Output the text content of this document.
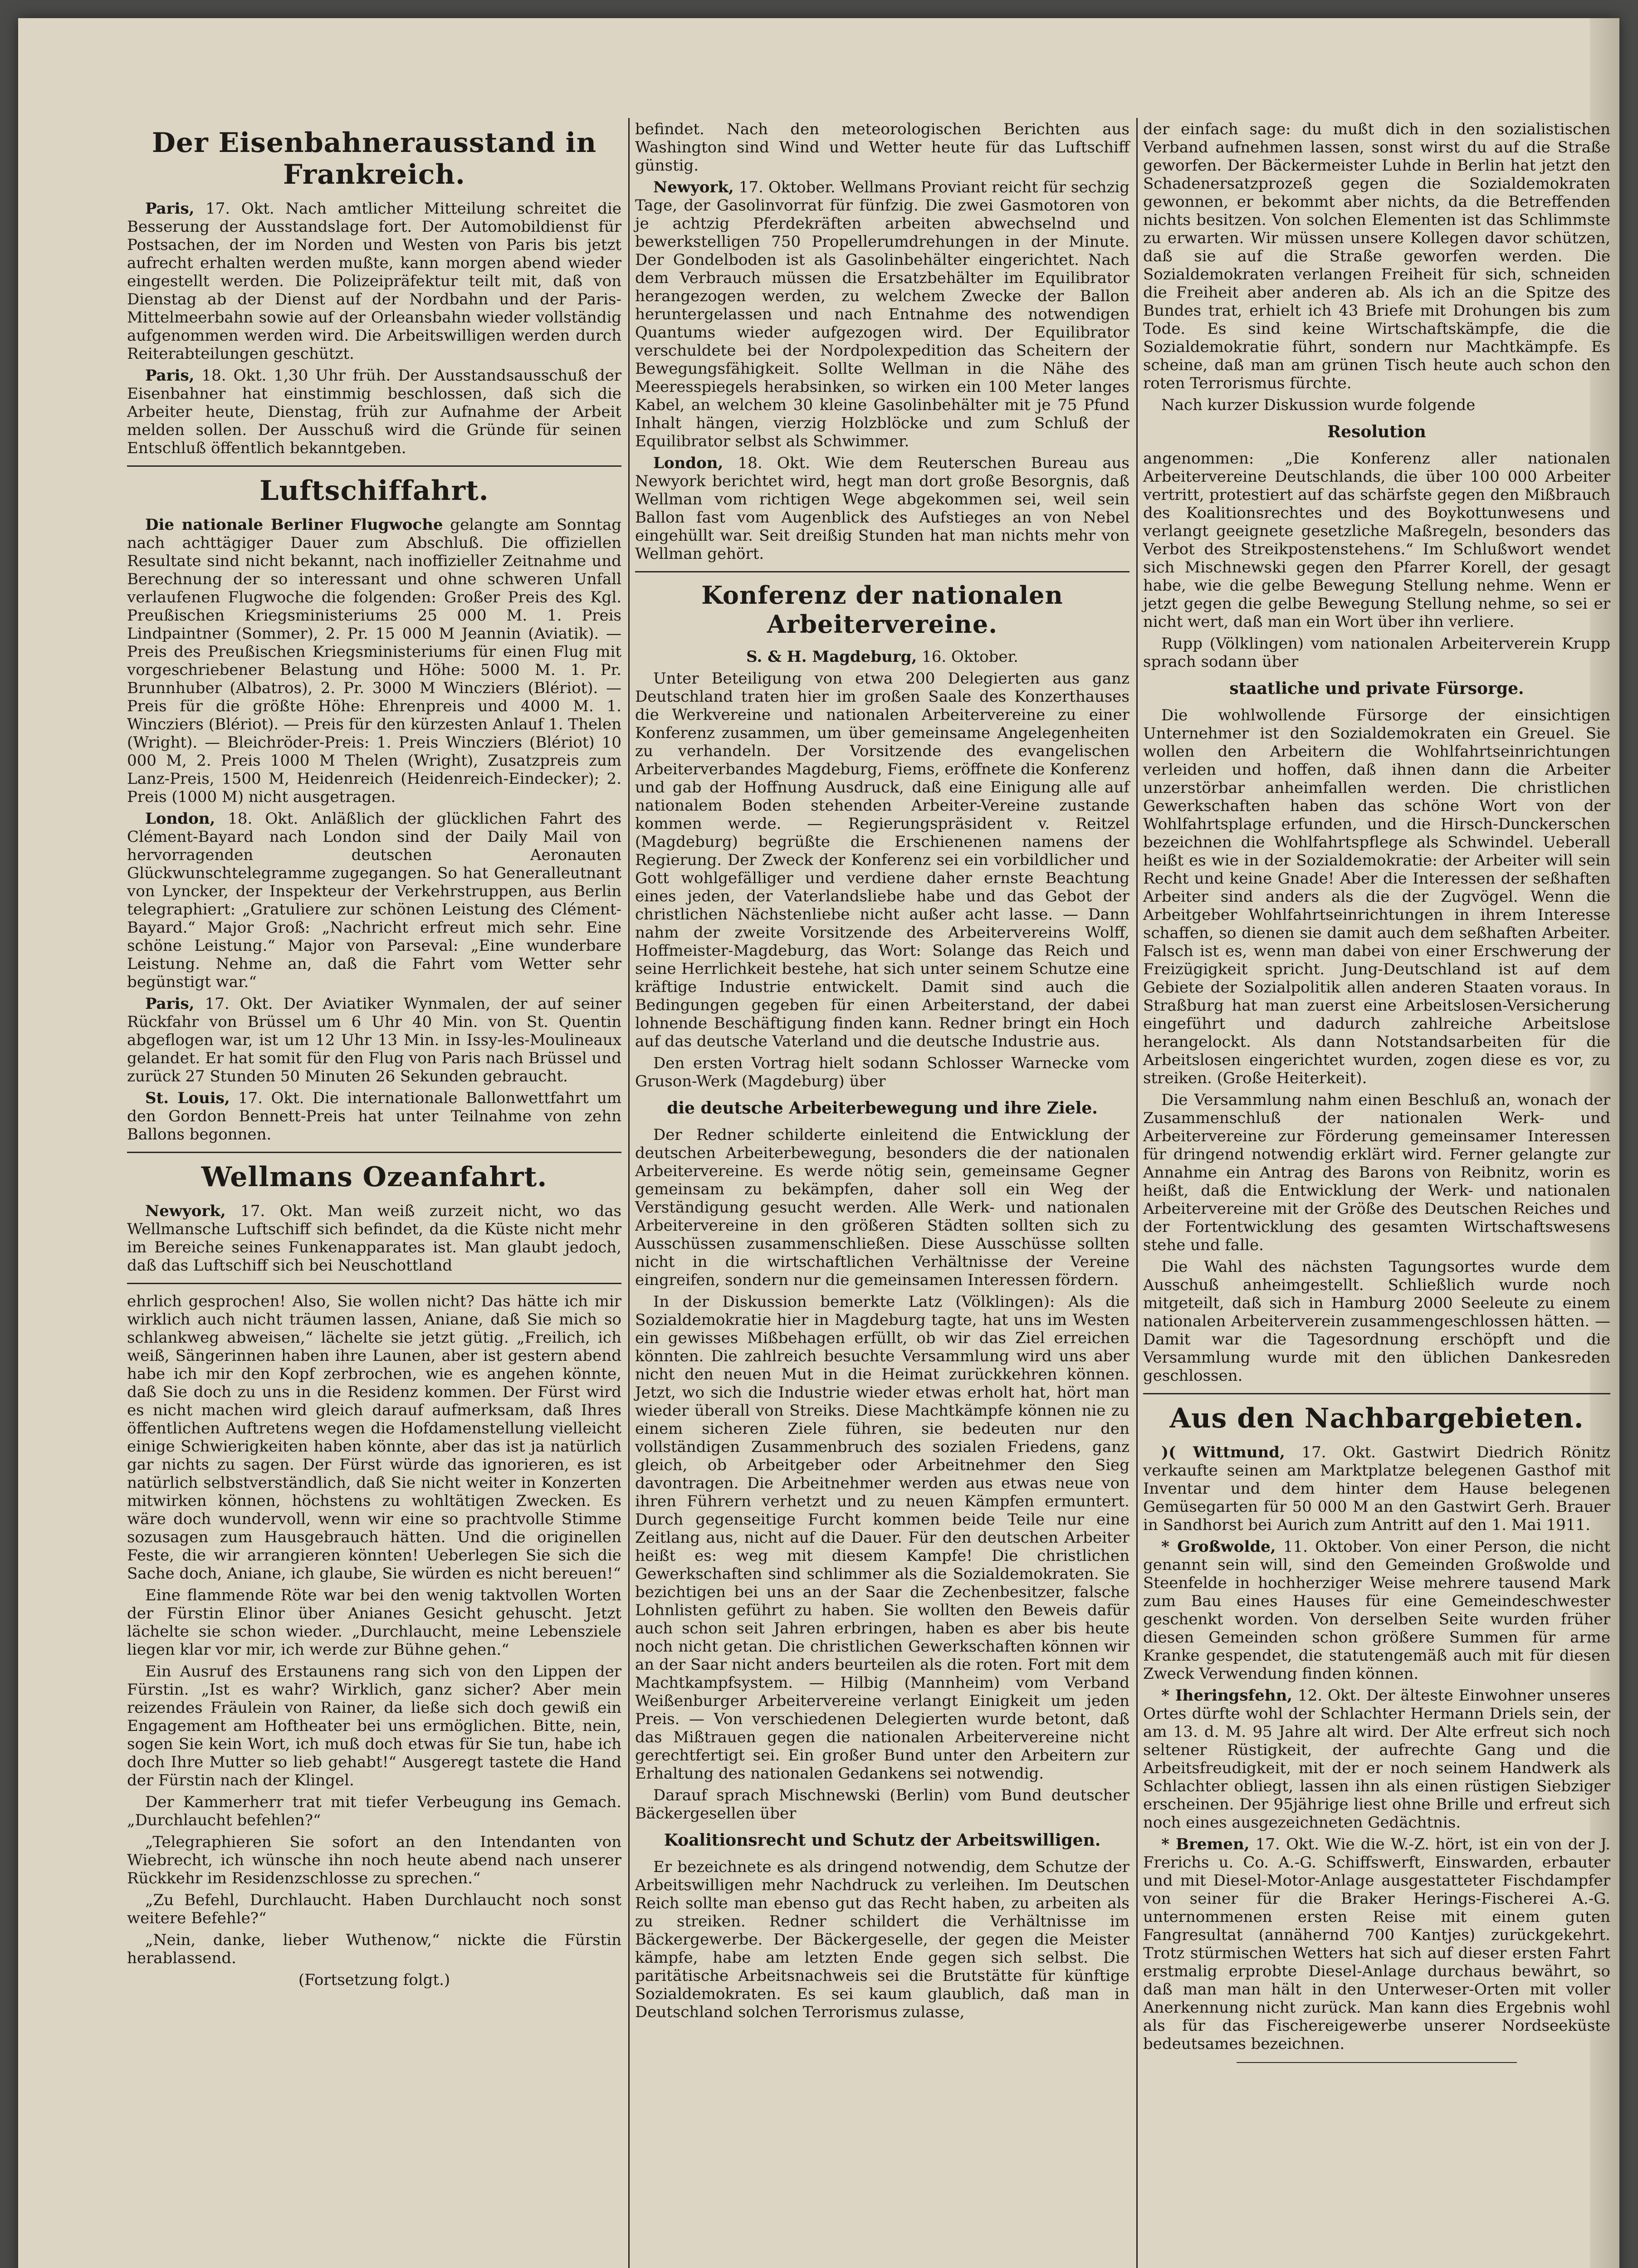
Der Eisenbahnerausstand in Frankreich.
Paris, 17. Okt. Nach amtlicher Mitteilung schreitet die Besserung der Ausstandslage fort. Der Automobildienst für Postsachen, der im Norden und Westen von Paris bis jetzt aufrecht erhalten werden mußte, kann morgen abend wieder eingestellt werden. Die Polizeipräfektur teilt mit, daß von Dienstag ab der Dienst auf der Nordbahn und der Paris-Mittelmeerbahn sowie auf der Orleansbahn wieder vollständig aufgenommen werden wird. Die Arbeitswilligen werden durch Reiterabteilungen geschützt.
Paris, 18. Okt. 1,30 Uhr früh. Der Ausstandsausschuß der Eisenbahner hat einstimmig beschlossen, daß sich die Arbeiter heute, Dienstag, früh zur Aufnahme der Arbeit melden sollen. Der Ausschuß wird die Gründe für seinen Entschluß öffentlich bekanntgeben.
Luftschiffahrt.
Die nationale Berliner Flugwoche gelangte am Sonntag nach achttägiger Dauer zum Abschluß. Die offiziellen Resultate sind nicht bekannt, nach inoffizieller Zeitnahme und Berechnung der so interessant und ohne schweren Unfall verlaufenen Flugwoche die folgenden: Großer Preis des Kgl. Preußischen Kriegsministeriums 25 000 M. 1. Preis Lindpaintner (Sommer), 2. Pr. 15 000 M Jeannin (Aviatik). — Preis des Preußischen Kriegsministeriums für einen Flug mit vorgeschriebener Belastung und Höhe: 5000 M. 1. Pr. Brunnhuber (Albatros), 2. Pr. 3000 M Wincziers (Blériot). — Preis für die größte Höhe: Ehrenpreis und 4000 M. 1. Wincziers (Blériot). — Preis für den kürzesten Anlauf 1. Thelen (Wright). — Bleichröder-Preis: 1. Preis Wincziers (Blériot) 10 000 M, 2. Preis 1000 M Thelen (Wright), Zusatzpreis zum Lanz-Preis, 1500 M, Heidenreich (Heidenreich-Eindecker); 2. Preis (1000 M) nicht ausgetragen.
London, 18. Okt. Anläßlich der glücklichen Fahrt des Clément-Bayard nach London sind der Daily Mail von hervorragenden deutschen Aeronauten Glückwunschtelegramme zugegangen. So hat Generalleutnant von Lyncker, der Inspekteur der Verkehrstruppen, aus Berlin telegraphiert: „Gratuliere zur schönen Leistung des Clément-Bayard.“ Major Groß: „Nachricht erfreut mich sehr. Eine schöne Leistung.“ Major von Parseval: „Eine wunderbare Leistung. Nehme an, daß die Fahrt vom Wetter sehr begünstigt war.“
Paris, 17. Okt. Der Aviatiker Wynmalen, der auf seiner Rückfahr von Brüssel um 6 Uhr 40 Min. von St. Quentin abgeflogen war, ist um 12 Uhr 13 Min. in Issy-les-Moulineaux gelandet. Er hat somit für den Flug von Paris nach Brüssel und zurück 27 Stunden 50 Minuten 26 Sekunden gebraucht.
St. Louis, 17. Okt. Die internationale Ballonwettfahrt um den Gordon Bennett-Preis hat unter Teilnahme von zehn Ballons begonnen.
Wellmans Ozeanfahrt.
Newyork, 17. Okt. Man weiß zurzeit nicht, wo das Wellmansche Luftschiff sich befindet, da die Küste nicht mehr im Bereiche seines Funkenapparates ist. Man glaubt jedoch, daß das Luftschiff sich bei Neuschottland
ehrlich gesprochen! Also, Sie wollen nicht? Das hätte ich mir wirklich auch nicht träumen lassen, Aniane, daß Sie mich so schlankweg abweisen,“ lächelte sie jetzt gütig. „Freilich, ich weiß, Sängerinnen haben ihre Launen, aber ist gestern abend habe ich mir den Kopf zerbrochen, wie es angehen könnte, daß Sie doch zu uns in die Residenz kommen. Der Fürst wird es nicht machen wird gleich darauf aufmerksam, daß Ihres öffentlichen Auftretens wegen die Hofdamenstellung vielleicht einige Schwierigkeiten haben könnte, aber das ist ja natürlich gar nichts zu sagen. Der Fürst würde das ignorieren, es ist natürlich selbstverständlich, daß Sie nicht weiter in Konzerten mitwirken können, höchstens zu wohltätigen Zwecken. Es wäre doch wundervoll, wenn wir eine so prachtvolle Stimme sozusagen zum Hausgebrauch hätten. Und die originellen Feste, die wir arrangieren könnten! Ueberlegen Sie sich die Sache doch, Aniane, ich glaube, Sie würden es nicht bereuen!“
Eine flammende Röte war bei den wenig taktvollen Worten der Fürstin Elinor über Anianes Gesicht gehuscht. Jetzt lächelte sie schon wieder. „Durchlaucht, meine Lebensziele liegen klar vor mir, ich werde zur Bühne gehen.“
Ein Ausruf des Erstaunens rang sich von den Lippen der Fürstin. „Ist es wahr? Wirklich, ganz sicher? Aber mein reizendes Fräulein von Rainer, da ließe sich doch gewiß ein Engagement am Hoftheater bei uns ermöglichen. Bitte, nein, sogen Sie kein Wort, ich muß doch etwas für Sie tun, habe ich doch Ihre Mutter so lieb gehabt!“ Ausgeregt tastete die Hand der Fürstin nach der Klingel.
Der Kammerherr trat mit tiefer Verbeugung ins Gemach. „Durchlaucht befehlen?“
„Telegraphieren Sie sofort an den Intendanten von Wiebrecht, ich wünsche ihn noch heute abend nach unserer Rückkehr im Residenzschlosse zu sprechen.“
„Zu Befehl, Durchlaucht. Haben Durchlaucht noch sonst weitere Befehle?“
„Nein, danke, lieber Wuthenow,“ nickte die Fürstin herablassend.
(Fortsetzung folgt.)
befindet. Nach den meteorologischen Berichten aus Washington sind Wind und Wetter heute für das Luftschiff günstig.
Newyork, 17. Oktober. Wellmans Proviant reicht für sechzig Tage, der Gasolinvorrat für fünfzig. Die zwei Gasmotoren von je achtzig Pferdekräften arbeiten abwechselnd und bewerkstelligen 750 Propellerumdrehungen in der Minute. Der Gondelboden ist als Gasolinbehälter eingerichtet. Nach dem Verbrauch müssen die Ersatzbehälter im Equilibrator herangezogen werden, zu welchem Zwecke der Ballon heruntergelassen und nach Entnahme des notwendigen Quantums wieder aufgezogen wird. Der Equilibrator verschuldete bei der Nordpolexpedition das Scheitern der Bewegungsfähigkeit. Sollte Wellman in die Nähe des Meeresspiegels herabsinken, so wirken ein 100 Meter langes Kabel, an welchem 30 kleine Gasolinbehälter mit je 75 Pfund Inhalt hängen, vierzig Holzblöcke und zum Schluß der Equilibrator selbst als Schwimmer.
London, 18. Okt. Wie dem Reuterschen Bureau aus Newyork berichtet wird, hegt man dort große Besorgnis, daß Wellman vom richtigen Wege abgekommen sei, weil sein Ballon fast vom Augenblick des Aufstieges an von Nebel eingehüllt war. Seit dreißig Stunden hat man nichts mehr von Wellman gehört.
Konferenz der nationalen Arbeitervereine.
S. & H. Magdeburg, 16. Oktober.
Unter Beteiligung von etwa 200 Delegierten aus ganz Deutschland traten hier im großen Saale des Konzerthauses die Werkvereine und nationalen Arbeitervereine zu einer Konferenz zusammen, um über gemeinsame Angelegenheiten zu verhandeln. Der Vorsitzende des evangelischen Arbeiterverbandes Magdeburg, Fiems, eröffnete die Konferenz und gab der Hoffnung Ausdruck, daß eine Einigung alle auf nationalem Boden stehenden Arbeiter-Vereine zustande kommen werde. — Regierungspräsident v. Reitzel (Magdeburg) begrüßte die Erschienenen namens der Regierung. Der Zweck der Konferenz sei ein vorbildlicher und Gott wohlgefälliger und verdiene daher ernste Beachtung eines jeden, der Vaterlandsliebe habe und das Gebot der christlichen Nächstenliebe nicht außer acht lasse. — Dann nahm der zweite Vorsitzende des Arbeitervereins Wolff, Hoffmeister-Magdeburg, das Wort: Solange das Reich und seine Herrlichkeit bestehe, hat sich unter seinem Schutze eine kräftige Industrie entwickelt. Damit sind auch die Bedingungen gegeben für einen Arbeiterstand, der dabei lohnende Beschäftigung finden kann. Redner bringt ein Hoch auf das deutsche Vaterland und die deutsche Industrie aus.
Den ersten Vortrag hielt sodann Schlosser Warnecke vom Gruson-Werk (Magdeburg) über
die deutsche Arbeiterbewegung und ihre Ziele.
Der Redner schilderte einleitend die Entwicklung der deutschen Arbeiterbewegung, besonders die der nationalen Arbeitervereine. Es werde nötig sein, gemeinsame Gegner gemeinsam zu bekämpfen, daher soll ein Weg der Verständigung gesucht werden. Alle Werk- und nationalen Arbeitervereine in den größeren Städten sollten sich zu Ausschüssen zusammenschließen. Diese Ausschüsse sollten nicht in die wirtschaftlichen Verhältnisse der Vereine eingreifen, sondern nur die gemeinsamen Interessen fördern.
In der Diskussion bemerkte Latz (Völklingen): Als die Sozialdemokratie hier in Magdeburg tagte, hat uns im Westen ein gewisses Mißbehagen erfüllt, ob wir das Ziel erreichen könnten. Die zahlreich besuchte Versammlung wird uns aber nicht den neuen Mut in die Heimat zurückkehren können. Jetzt, wo sich die Industrie wieder etwas erholt hat, hört man wieder überall von Streiks. Diese Machtkämpfe können nie zu einem sicheren Ziele führen, sie bedeuten nur den vollständigen Zusammenbruch des sozialen Friedens, ganz gleich, ob Arbeitgeber oder Arbeitnehmer den Sieg davontragen. Die Arbeitnehmer werden aus etwas neue von ihren Führern verhetzt und zu neuen Kämpfen ermuntert. Durch gegenseitige Furcht kommen beide Teile nur eine Zeitlang aus, nicht auf die Dauer. Für den deutschen Arbeiter heißt es: weg mit diesem Kampfe! Die christlichen Gewerkschaften sind schlimmer als die Sozialdemokraten. Sie bezichtigen bei uns an der Saar die Zechenbesitzer, falsche Lohnlisten geführt zu haben. Sie wollten den Beweis dafür auch schon seit Jahren erbringen, haben es aber bis heute noch nicht getan. Die christlichen Gewerkschaften können wir an der Saar nicht anders beurteilen als die roten. Fort mit dem Machtkampfsystem. — Hilbig (Mannheim) vom Verband Weißenburger Arbeitervereine verlangt Einigkeit um jeden Preis. — Von verschiedenen Delegierten wurde betont, daß das Mißtrauen gegen die nationalen Arbeitervereine nicht gerechtfertigt sei. Ein großer Bund unter den Arbeitern zur Erhaltung des nationalen Gedankens sei notwendig.
Darauf sprach Mischnewski (Berlin) vom Bund deutscher Bäckergesellen über
Koalitionsrecht und Schutz der Arbeitswilligen.
Er bezeichnete es als dringend notwendig, dem Schutze der Arbeitswilligen mehr Nachdruck zu verleihen. Im Deutschen Reich sollte man ebenso gut das Recht haben, zu arbeiten als zu streiken. Redner schildert die Verhältnisse im Bäckergewerbe. Der Bäckergeselle, der gegen die Meister kämpfe, habe am letzten Ende gegen sich selbst. Die paritätische Arbeitsnachweis sei die Brutstätte für künftige Sozialdemokraten. Es sei kaum glaublich, daß man in Deutschland solchen Terrorismus zulasse,
der einfach sage: du mußt dich in den sozialistischen Verband aufnehmen lassen, sonst wirst du auf die Straße geworfen. Der Bäckermeister Luhde in Berlin hat jetzt den Schadenersatzprozeß gegen die Sozialdemokraten gewonnen, er bekommt aber nichts, da die Betreffenden nichts besitzen. Von solchen Elementen ist das Schlimmste zu erwarten. Wir müssen unsere Kollegen davor schützen, daß sie auf die Straße geworfen werden. Die Sozialdemokraten verlangen Freiheit für sich, schneiden die Freiheit aber anderen ab. Als ich an die Spitze des Bundes trat, erhielt ich 43 Briefe mit Drohungen bis zum Tode. Es sind keine Wirtschaftskämpfe, die die Sozialdemokratie führt, sondern nur Machtkämpfe. Es scheine, daß man am grünen Tisch heute auch schon den roten Terrorismus fürchte.
Nach kurzer Diskussion wurde folgende
Resolution
angenommen: „Die Konferenz aller nationalen Arbeitervereine Deutschlands, die über 100 000 Arbeiter vertritt, protestiert auf das schärfste gegen den Mißbrauch des Koalitionsrechtes und des Boykottunwesens und verlangt geeignete gesetzliche Maßregeln, besonders das Verbot des Streikpostenstehens.“ Im Schlußwort wendet sich Mischnewski gegen den Pfarrer Korell, der gesagt habe, wie die gelbe Bewegung Stellung nehme. Wenn er jetzt gegen die gelbe Bewegung Stellung nehme, so sei er nicht wert, daß man ein Wort über ihn verliere.
Rupp (Völklingen) vom nationalen Arbeiterverein Krupp sprach sodann über
staatliche und private Fürsorge.
Die wohlwollende Fürsorge der einsichtigen Unternehmer ist den Sozialdemokraten ein Greuel. Sie wollen den Arbeitern die Wohlfahrtseinrichtungen verleiden und hoffen, daß ihnen dann die Arbeiter unzerstörbar anheimfallen werden. Die christlichen Gewerkschaften haben das schöne Wort von der Wohlfahrtsplage erfunden, und die Hirsch-Dunckerschen bezeichnen die Wohlfahrtspflege als Schwindel. Ueberall heißt es wie in der Sozialdemokratie: der Arbeiter will sein Recht und keine Gnade! Aber die Interessen der seßhaften Arbeiter sind anders als die der Zugvögel. Wenn die Arbeitgeber Wohlfahrtseinrichtungen in ihrem Interesse schaffen, so dienen sie damit auch dem seßhaften Arbeiter. Falsch ist es, wenn man dabei von einer Erschwerung der Freizügigkeit spricht. Jung-Deutschland ist auf dem Gebiete der Sozialpolitik allen anderen Staaten voraus. In Straßburg hat man zuerst eine Arbeitslosen-Versicherung eingeführt und dadurch zahlreiche Arbeitslose herangelockt. Als dann Notstandsarbeiten für die Arbeitslosen eingerichtet wurden, zogen diese es vor, zu streiken. (Große Heiterkeit).
Die Versammlung nahm einen Beschluß an, wonach der Zusammenschluß der nationalen Werk- und Arbeitervereine zur Förderung gemeinsamer Interessen für dringend notwendig erklärt wird. Ferner gelangte zur Annahme ein Antrag des Barons von Reibnitz, worin es heißt, daß die Entwicklung der Werk- und nationalen Arbeitervereine mit der Größe des Deutschen Reiches und der Fortentwicklung des gesamten Wirtschaftswesens stehe und falle.
Die Wahl des nächsten Tagungsortes wurde dem Ausschuß anheimgestellt. Schließlich wurde noch mitgeteilt, daß sich in Hamburg 2000 Seeleute zu einem nationalen Arbeiterverein zusammengeschlossen hätten. — Damit war die Tagesordnung erschöpft und die Versammlung wurde mit den üblichen Dankesreden geschlossen.
Aus den Nachbargebieten.
)( Wittmund, 17. Okt. Gastwirt Diedrich Rönitz verkaufte seinen am Marktplatze belegenen Gasthof mit Inventar und dem hinter dem Hause belegenen Gemüsegarten für 50 000 M an den Gastwirt Gerh. Brauer in Sandhorst bei Aurich zum Antritt auf den 1. Mai 1911.
* Großwolde, 11. Oktober. Von einer Person, die nicht genannt sein will, sind den Gemeinden Großwolde und Steenfelde in hochherziger Weise mehrere tausend Mark zum Bau eines Hauses für eine Gemeindeschwester geschenkt worden. Von derselben Seite wurden früher diesen Gemeinden schon größere Summen für arme Kranke gespendet, die statutengemäß auch mit für diesen Zweck Verwendung finden können.
* Iheringsfehn, 12. Okt. Der älteste Einwohner unseres Ortes dürfte wohl der Schlachter Hermann Driels sein, der am 13. d. M. 95 Jahre alt wird. Der Alte erfreut sich noch seltener Rüstigkeit, der aufrechte Gang und die Arbeitsfreudigkeit, mit der er noch seinem Handwerk als Schlachter obliegt, lassen ihn als einen rüstigen Siebziger erscheinen. Der 95jährige liest ohne Brille und erfreut sich noch eines ausgezeichneten Gedächtnis.
* Bremen, 17. Okt. Wie die W.-Z. hört, ist ein von der J. Frerichs u. Co. A.-G. Schiffswerft, Einswarden, erbauter und mit Diesel-Motor-Anlage ausgestatteter Fischdampfer von seiner für die Braker Herings-Fischerei A.-G. unternommenen ersten Reise mit einem guten Fangresultat (annähernd 700 Kantjes) zurückgekehrt. Trotz stürmischen Wetters hat sich auf dieser ersten Fahrt erstmalig erprobte Diesel-Anlage durchaus bewährt, so daß man man hält in den Unterweser-Orten mit voller Anerkennung nicht zurück. Man kann dies Ergebnis wohl als für das Fischereigewerbe unserer Nordseeküste bedeutsames bezeichnen.
